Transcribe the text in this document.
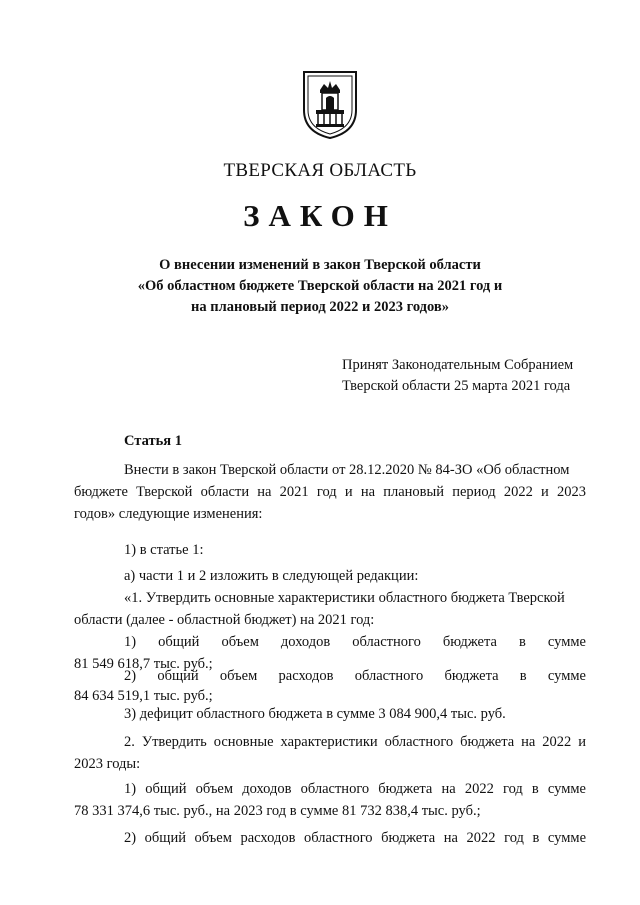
ТВЕРСКАЯ ОБЛАСТЬ
ЗАКОН
О внесении изменений в закон Тверской области
«Об областном бюджете Тверской области на 2021 год и
на плановый период 2022 и 2023 годов»
Принят Законодательным Собранием
Тверской области 25 марта 2021 года
Статья 1
Внести в закон Тверской области от 28.12.2020 № 84-ЗО «Об областном
бюджете Тверской области на 2021 год и на плановый период 2022 и 2023
годов» следующие изменения:
1) в статье 1:
а) части 1 и 2 изложить в следующей редакции:
«1. Утвердить основные характеристики областного бюджета Тверской
области (далее - областной бюджет) на 2021 год:
1) общий объем доходов областного бюджета в сумме
81 549 618,7 тыс. руб.;
2) общий объем расходов областного бюджета в сумме
84 634 519,1 тыс. руб.;
3) дефицит областного бюджета в сумме 3 084 900,4 тыс. руб.
2. Утвердить основные характеристики областного бюджета на 2022 и
2023 годы:
1) общий объем доходов областного бюджета на 2022 год в сумме
78 331 374,6 тыс. руб., на 2023 год в сумме 81 732 838,4 тыс. руб.;
2) общий объем расходов областного бюджета на 2022 год в сумме
